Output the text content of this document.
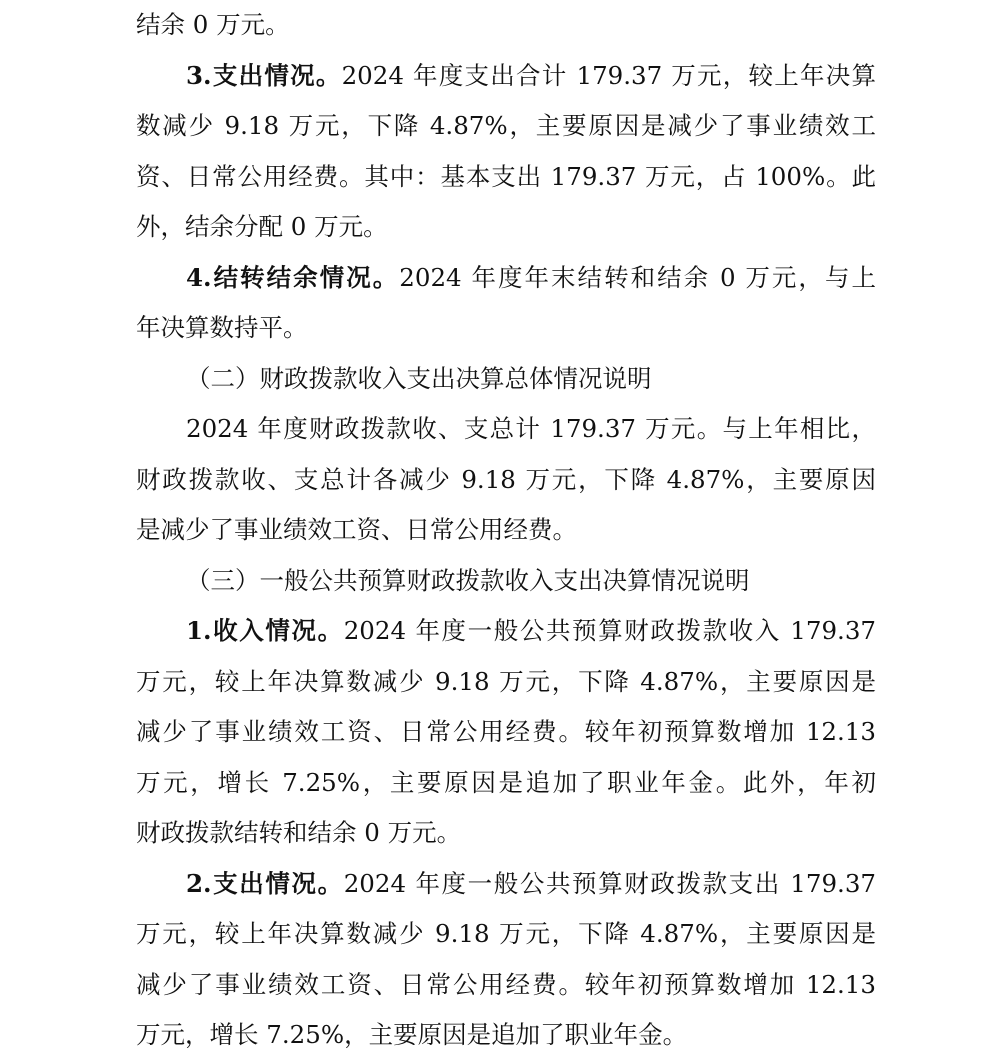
结余 0 万元。
3.支出情况。2024 年度支出合计 179.37 万元，较上年决算
数减少 9.18 万元，下降 4.87%，主要原因是减少了事业绩效工
资、日常公用经费。其中：基本支出 179.37 万元，占 100%。此
外，结余分配 0 万元。
4.结转结余情况。2024 年度年末结转和结余 0 万元，与上
年决算数持平。
（二）财政拨款收入支出决算总体情况说明
2024 年度财政拨款收、支总计 179.37 万元。与上年相比，
财政拨款收、支总计各减少 9.18 万元，下降 4.87%，主要原因
是减少了事业绩效工资、日常公用经费。
（三）一般公共预算财政拨款收入支出决算情况说明
1.收入情况。2024 年度一般公共预算财政拨款收入 179.37
万元，较上年决算数减少 9.18 万元，下降 4.87%，主要原因是
减少了事业绩效工资、日常公用经费。较年初预算数增加 12.13
万元，增长 7.25%，主要原因是追加了职业年金。此外，年初
财政拨款结转和结余 0 万元。
2.支出情况。2024 年度一般公共预算财政拨款支出 179.37
万元，较上年决算数减少 9.18 万元，下降 4.87%，主要原因是
减少了事业绩效工资、日常公用经费。较年初预算数增加 12.13
万元，增长 7.25%，主要原因是追加了职业年金。
